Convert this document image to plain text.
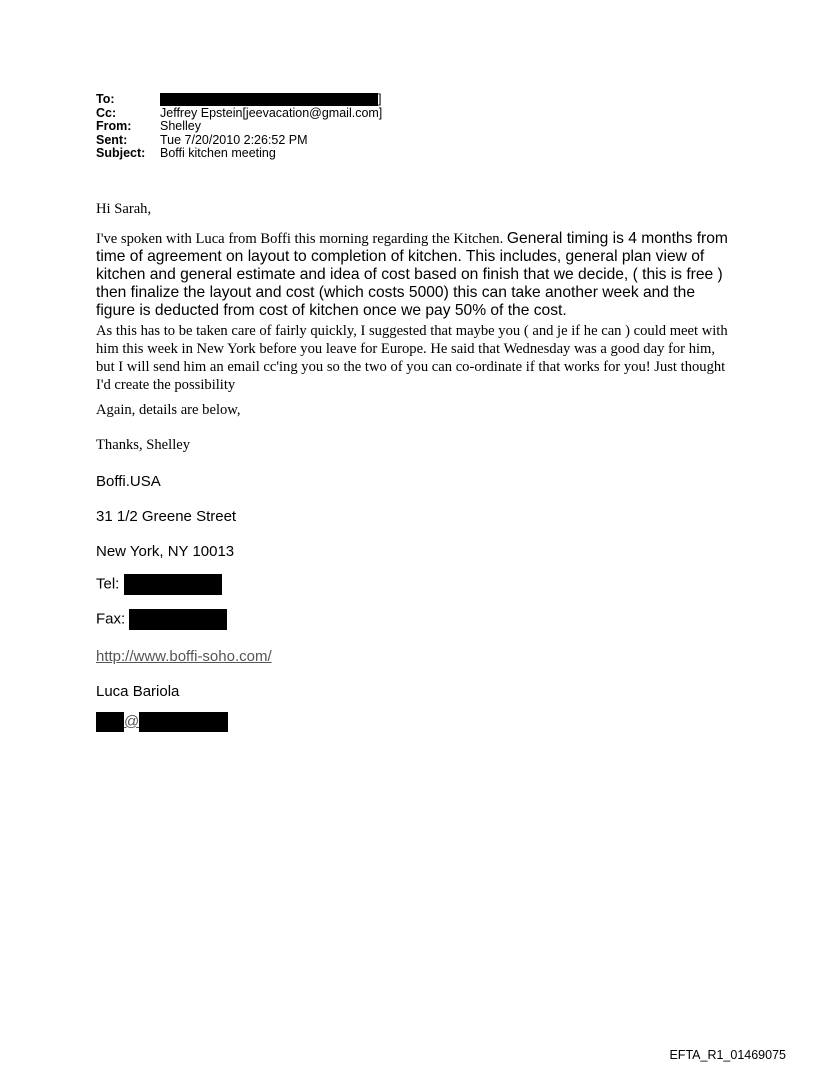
To:	]
Cc:	Jeffrey Epstein[jeevacation@gmail.com]
From:	Shelley
Sent:	Tue 7/20/2010 2:26:52 PM
Subject:	Boffi kitchen meeting
Hi Sarah,
I've spoken with Luca from Boffi this morning regarding the Kitchen. General timing is 4 months from time of agreement on layout to completion of kitchen. This includes, general plan view of kitchen and general estimate and idea of cost based on finish that we decide, ( this is free ) then finalize the layout and cost (which costs 5000) this can take another week and the figure is deducted from cost of kitchen once we pay 50% of the cost.
As this has to be taken care of fairly quickly, I suggested that maybe you ( and je if he can ) could meet with him this week in New York before you leave for Europe. He said that Wednesday was a good day for him, but I will send him an email cc'ing you so the two of you can co-ordinate if that works for you! Just thought I'd create the possibility
Again, details are below,
Thanks, Shelley
Boffi.USA
31 1/2 Greene Street
New York, NY 10013
Tel:
Fax:
http://www.boffi-soho.com/
Luca Bariola
@
EFTA_R1_01469075
